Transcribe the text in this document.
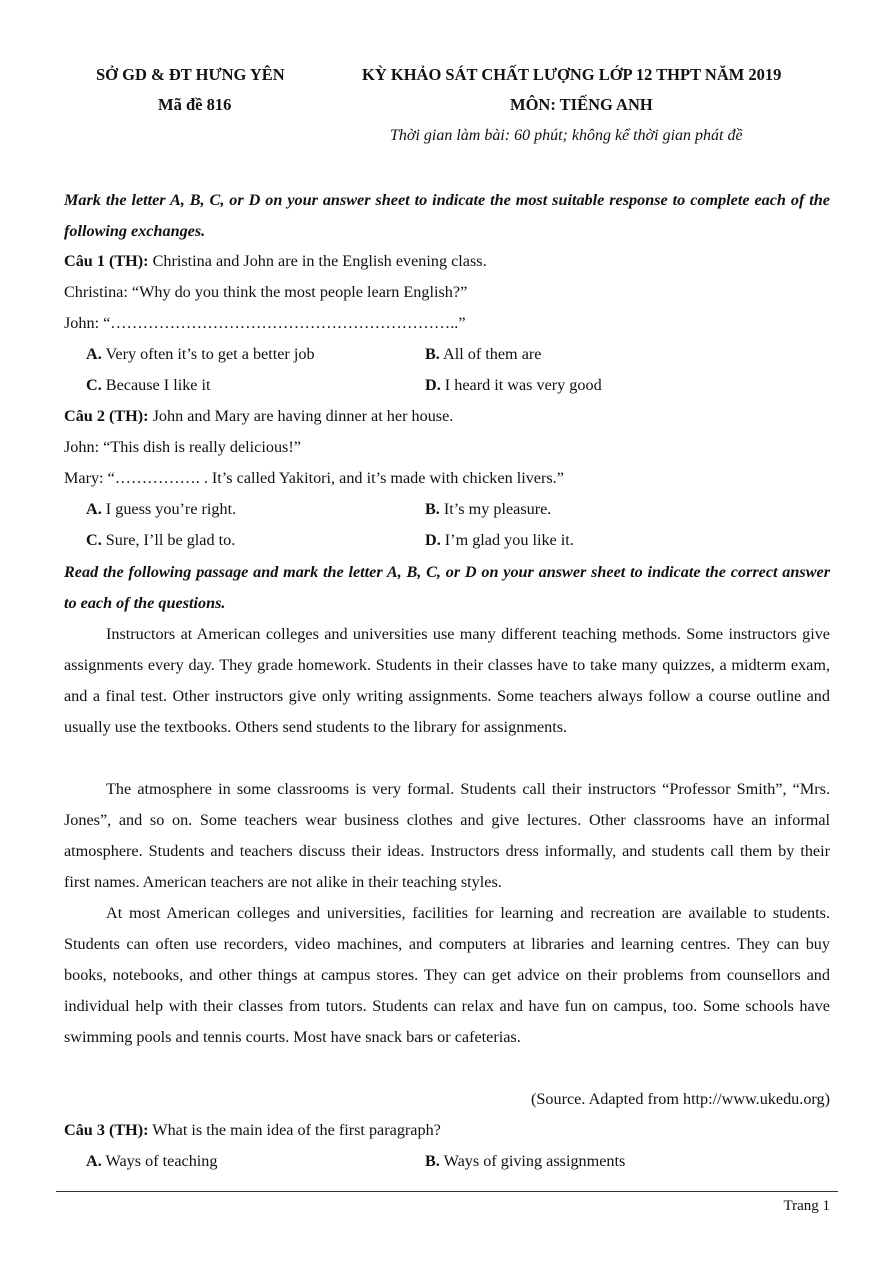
SỞ GD & ĐT HƯNG YÊN
Mã đề 816
KỲ KHẢO SÁT CHẤT LƯỢNG LỚP 12 THPT NĂM 2019
MÔN: TIẾNG ANH
Thời gian làm bài: 60 phút; không kể thời gian phát đề
Mark the letter A, B, C, or D on your answer sheet to indicate the most suitable response to complete each of the following exchanges.
Câu 1 (TH): Christina and John are in the English evening class.
Christina: “Why do you think the most people learn English?”
John: “………………………………………………………..”
A. Very often it’s to get a better job	B. All of them are
C. Because I like it	D. I heard it was very good
Câu 2 (TH): John and Mary are having dinner at her house.
John: “This dish is really delicious!”
Mary: “……………. . It’s called Yakitori, and it’s made with chicken livers.”
A. I guess you’re right.	B. It’s my pleasure.
C. Sure, I’ll be glad to.	D. I’m glad you like it.
Read the following passage and mark the letter A, B, C, or D on your answer sheet to indicate the correct answer to each of the questions.
Instructors at American colleges and universities use many different teaching methods. Some instructors give assignments every day. They grade homework. Students in their classes have to take many quizzes, a midterm exam, and a final test. Other instructors give only writing assignments. Some teachers always follow a course outline and usually use the textbooks. Others send students to the library for assignments.
The atmosphere in some classrooms is very formal. Students call their instructors “Professor Smith”, “Mrs. Jones”, and so on. Some teachers wear business clothes and give lectures. Other classrooms have an informal atmosphere. Students and teachers discuss their ideas. Instructors dress informally, and students call them by their first names. American teachers are not alike in their teaching styles.
At most American colleges and universities, facilities for learning and recreation are available to students. Students can often use recorders, video machines, and computers at libraries and learning centres. They can buy books, notebooks, and other things at campus stores. They can get advice on their problems from counsellors and individual help with their classes from tutors. Students can relax and have fun on campus, too. Some schools have swimming pools and tennis courts. Most have snack bars or cafeterias.
(Source. Adapted from http://www.ukedu.org)
Câu 3 (TH): What is the main idea of the first paragraph?
A. Ways of teaching	B. Ways of giving assignments
Trang 1
